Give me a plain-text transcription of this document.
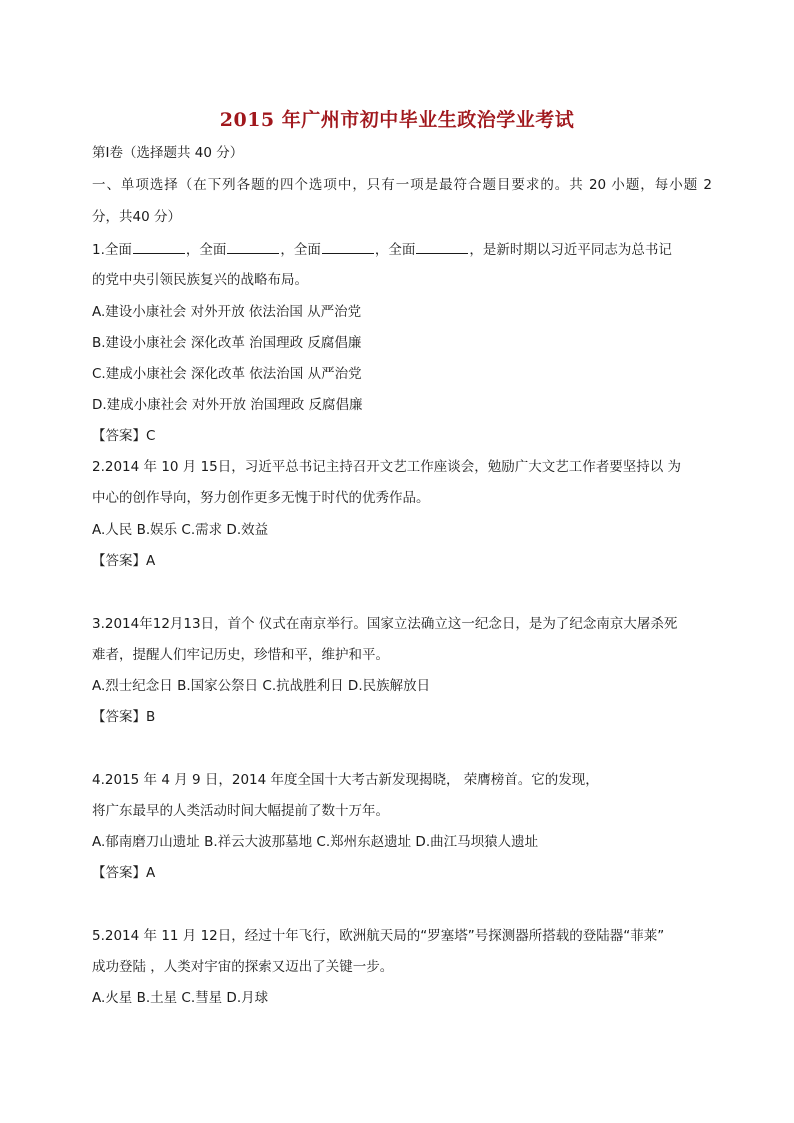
2015 年广州市初中毕业生政治学业考试
第Ⅰ卷（选择题共 40 分）
一、单项选择（在下列各题的四个选项中，只有一项是最符合题目要求的。共 20 小题，每小题 2
分，共40 分）
1.全面	，全面	，全面	，全面	，是新时期以习近平同志为总书记
的党中央引领民族复兴的战略布局。
A.建设小康社会 对外开放 依法治国 从严治党
B.建设小康社会 深化改革 治国理政 反腐倡廉
C.建成小康社会 深化改革 依法治国 从严治党
D.建成小康社会 对外开放 治国理政 反腐倡廉
【答案】C
2.2014 年 10 月 15日，习近平总书记主持召开文艺工作座谈会，勉励广大文艺工作者要坚持以 为
中心的创作导向，努力创作更多无愧于时代的优秀作品。
A.人民 B.娱乐 C.需求 D.效益
【答案】A
3.2014年12月13日，首个 仪式在南京举行。国家立法确立这一纪念日，是为了纪念南京大屠杀死
难者，提醒人们牢记历史，珍惜和平，维护和平。
A.烈士纪念日 B.国家公祭日 C.抗战胜利日 D.民族解放日
【答案】B
4.2015 年 4 月 9 日，2014 年度全国十大考古新发现揭晓， 荣膺榜首。它的发现，
将广东最早的人类活动时间大幅提前了数十万年。
A.郁南磨刀山遗址 B.祥云大波那墓地 C.郑州东赵遗址 D.曲江马坝猿人遗址
【答案】A
5.2014 年 11 月 12日，经过十年飞行，欧洲航天局的“罗塞塔”号探测器所搭载的登陆器“菲莱”
成功登陆 ，人类对宇宙的探索又迈出了关键一步。
A.火星 B.土星 C.彗星 D.月球
